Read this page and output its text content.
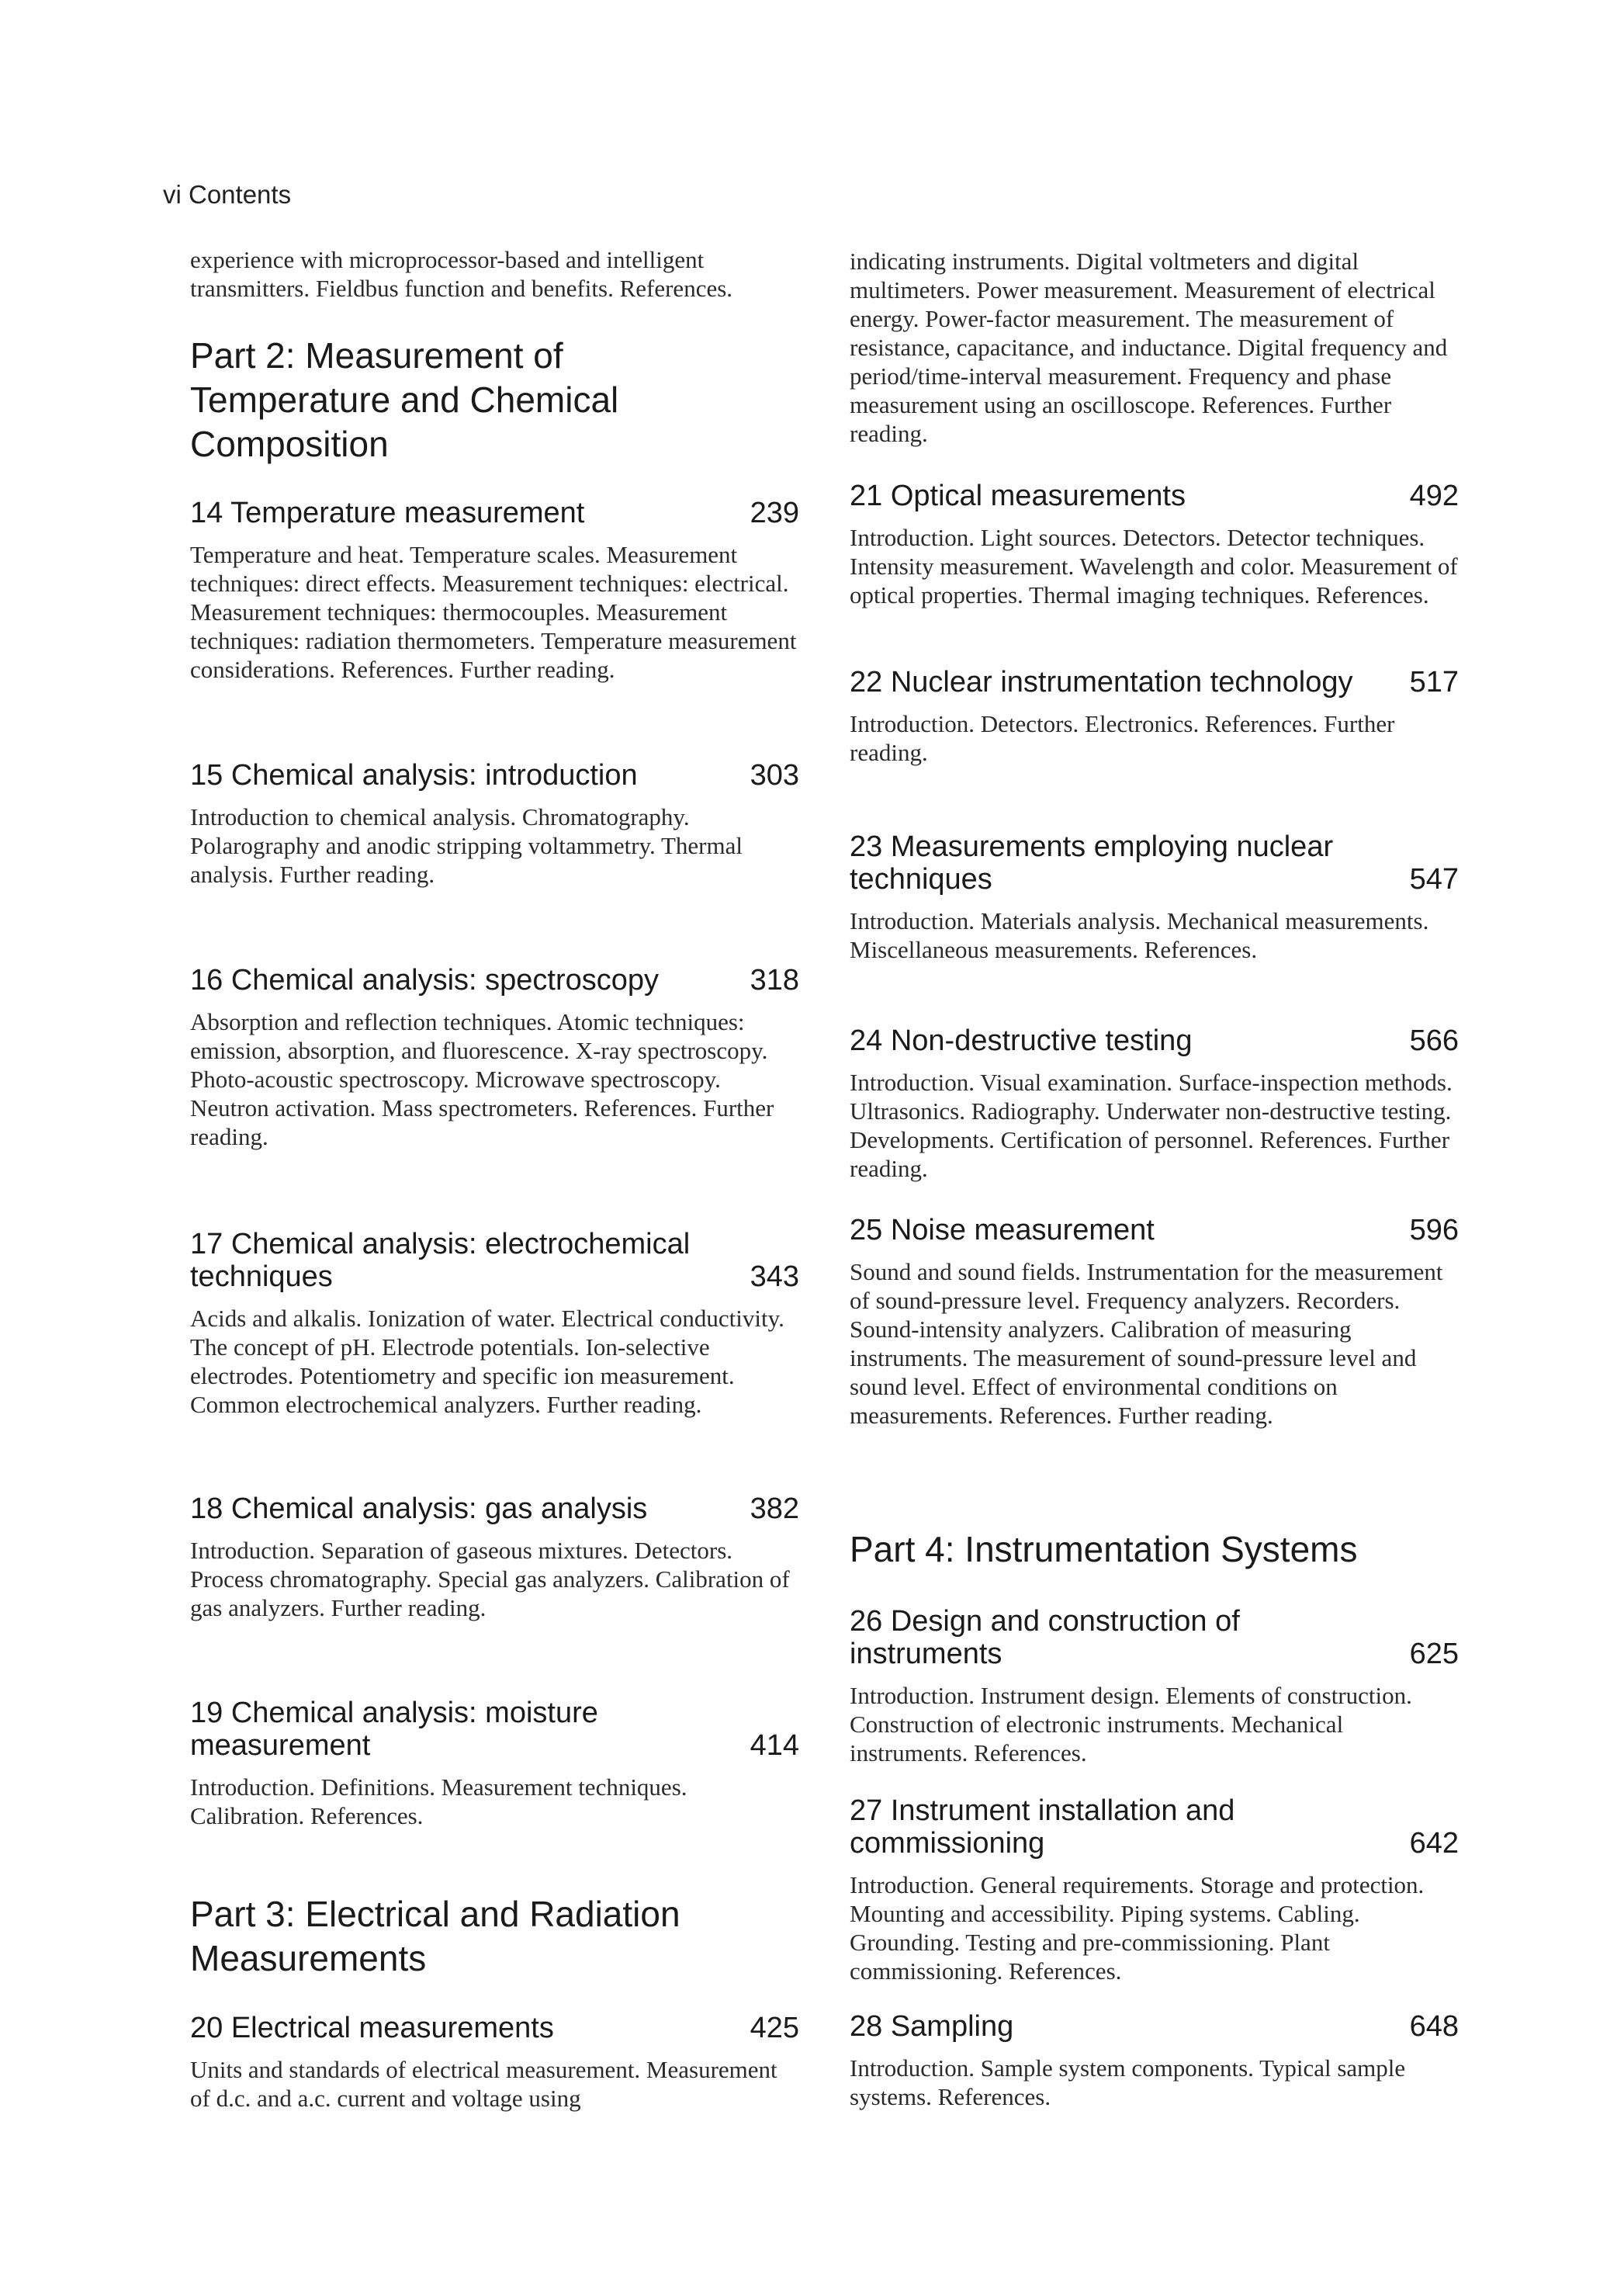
vi Contents

experience with microprocessor-based and intelligent transmitters. Fieldbus function and benefits. References.

Part 2: Measurement of
Temperature and Chemical
Composition
14 Temperature measurement	239

Temperature and heat. Temperature scales. Measurement techniques: direct effects. Measurement techniques: electrical. Measurement techniques: thermocouples. Measurement techniques: radiation thermometers. Temperature measurement considerations. References. Further reading.

15 Chemical analysis: introduction	303

Introduction to chemical analysis. Chromatography. Polarography and anodic stripping voltammetry. Thermal analysis. Further reading.

16 Chemical analysis: spectroscopy	318

Absorption and reflection techniques. Atomic techniques: emission, absorption, and fluorescence. X-ray spectroscopy. Photo-acoustic spectroscopy. Microwave spectroscopy. Neutron activation. Mass spectrometers. References. Further reading.

17 Chemical analysis: electrochemical techniques	343

Acids and alkalis. Ionization of water. Electrical conductivity. The concept of pH. Electrode potentials. Ion-selective electrodes. Potentiometry and specific ion measurement. Common electrochemical analyzers. Further reading.

18 Chemical analysis: gas analysis	382

Introduction. Separation of gaseous mixtures. Detectors. Process chromatography. Special gas analyzers. Calibration of gas analyzers. Further reading.

19 Chemical analysis: moisture measurement	414

Introduction. Definitions. Measurement techniques. Calibration. References.

Part 3: Electrical and Radiation
Measurements
20 Electrical measurements	425

Units and standards of electrical measurement. Measurement of d.c. and a.c. current and voltage using

indicating instruments. Digital voltmeters and digital multimeters. Power measurement. Measurement of electrical energy. Power-factor measurement. The measurement of resistance, capacitance, and inductance. Digital frequency and period/time-interval measurement. Frequency and phase measurement using an oscilloscope. References. Further reading.

21 Optical measurements	492

Introduction. Light sources. Detectors. Detector techniques. Intensity measurement. Wavelength and color. Measurement of optical properties. Thermal imaging techniques. References.

22 Nuclear instrumentation technology	517

Introduction. Detectors. Electronics. References. Further reading.

23 Measurements employing nuclear techniques	547

Introduction. Materials analysis. Mechanical measurements. Miscellaneous measurements. References.

24 Non-destructive testing	566

Introduction. Visual examination. Surface-inspection methods. Ultrasonics. Radiography. Underwater non-destructive testing. Developments. Certification of personnel. References. Further reading.

25 Noise measurement	596

Sound and sound fields. Instrumentation for the measurement of sound-pressure level. Frequency analyzers. Recorders. Sound-intensity analyzers. Calibration of measuring instruments. The measurement of sound-pressure level and sound level. Effect of environmental conditions on measurements. References. Further reading.

Part 4: Instrumentation Systems
26 Design and construction of instruments	625

Introduction. Instrument design. Elements of construction. Construction of electronic instruments. Mechanical instruments. References.

27 Instrument installation and commissioning	642

Introduction. General requirements. Storage and protection. Mounting and accessibility. Piping systems. Cabling. Grounding. Testing and pre-commissioning. Plant commissioning. References.

28 Sampling	648

Introduction. Sample system components. Typical sample systems. References.
